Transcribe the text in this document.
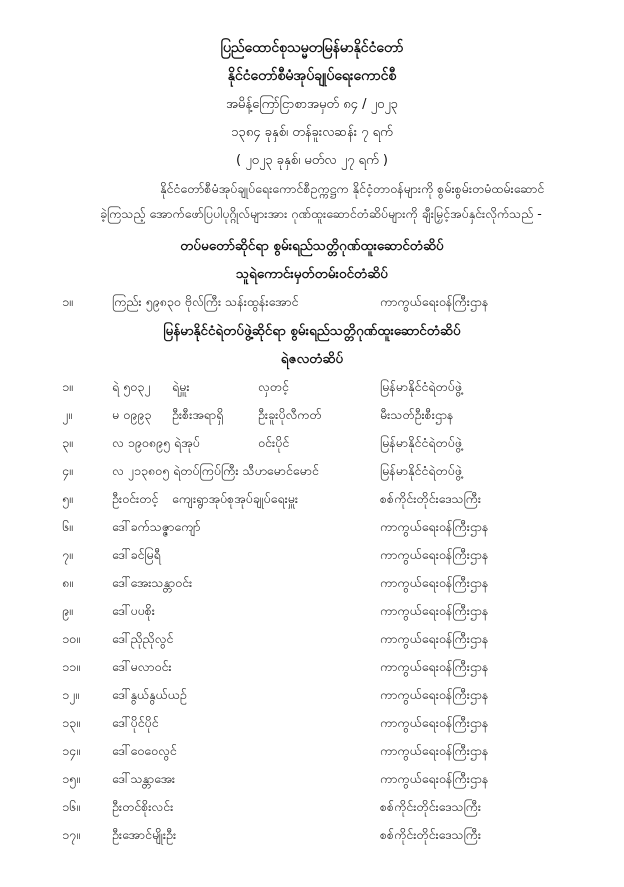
ပြည်ထောင်စုသမ္မတမြန်မာနိုင်ငံတော်
နိုင်ငံတော်စီမံအုပ်ချုပ်ရေးကောင်စီ
အမိန့်ကြော်ငြာစာအမှတ် ၈၄ / ၂၀၂၃
၁၃၈၄ ခုနှစ်၊ တန်ခူးလဆန်း ၇ ရက်
( ၂၀၂၃ ခုနှစ်၊ မတ်လ ၂၇ ရက် )
နိုင်ငံတော်စီမံအုပ်ချုပ်ရေးကောင်စီဥက္ကဋ္ဌက နိုင်ငံ့တာဝန်များကို စွမ်းစွမ်းတမံထမ်းဆောင်
ခဲ့ကြသည့် အောက်ဖော်ပြပါပုဂ္ဂိုလ်များအား ဂုဏ်ထူးဆောင်တံဆိပ်များကို ချီးမြှင့်အပ်နှင်းလိုက်သည် -
တပ်မတော်ဆိုင်ရာ စွမ်းရည်သတ္တိဂုဏ်ထူးဆောင်တံဆိပ်
သူရဲကောင်းမှတ်တမ်းဝင်တံဆိပ်
၁။	ကြည်း ၅၉၈၃၀ ဗိုလ်ကြီး သန်းထွန်းအောင်	ကာကွယ်ရေးဝန်ကြီးဌာန
မြန်မာနိုင်ငံရဲတပ်ဖွဲ့ဆိုင်ရာ စွမ်းရည်သတ္တိဂုဏ်ထူးဆောင်တံဆိပ်
ရဲဇလတံဆိပ်
၁။	ရဲ ၅၀၃၂ ရဲမှူး	လှတင့်	မြန်မာနိုင်ငံရဲတပ်ဖွဲ့
၂။	မ ၀၉၉၃ ဦးစီးအရာရှိ	ဦးခူးပိုလီကတ်	မီးသတ်ဦးစီးဌာန
၃။	လ ၁၉၀၈၉၅ ရဲအုပ်	ဝင်းပိုင်	မြန်မာနိုင်ငံရဲတပ်ဖွဲ့
၄။	လ ၂၁၃၈၀၅ ရဲတပ်ကြပ်ကြီး သီဟမောင်မောင်	မြန်မာနိုင်ငံရဲတပ်ဖွဲ့
၅။	ဦးဝင်းတင့် ကျေးရွာအုပ်စုအုပ်ချုပ်ရေးမှူး	စစ်ကိုင်းတိုင်းဒေသကြီး
၆။	ဒေါ်ခက်သဇ္ဇာကျော်	ကာကွယ်ရေးဝန်ကြီးဌာန
၇။	ဒေါ်ခင်မြရီ	ကာကွယ်ရေးဝန်ကြီးဌာန
၈။	ဒေါ်အေးသန္တာဝင်း	ကာကွယ်ရေးဝန်ကြီးဌာန
၉။	ဒေါ်ပပစိုး	ကာကွယ်ရေးဝန်ကြီးဌာန
၁၀။	ဒေါ်ညိုညိုလွင်	ကာကွယ်ရေးဝန်ကြီးဌာန
၁၁။	ဒေါ်မလာဝင်း	ကာကွယ်ရေးဝန်ကြီးဌာန
၁၂။	ဒေါ်နွယ်နွယ်ယဉ်	ကာကွယ်ရေးဝန်ကြီးဌာန
၁၃။	ဒေါ်ပိုင်ပိုင်	ကာကွယ်ရေးဝန်ကြီးဌာန
၁၄။	ဒေါ်ဝေဝေလွင်	ကာကွယ်ရေးဝန်ကြီးဌာန
၁၅။	ဒေါ်သန္တာအေး	ကာကွယ်ရေးဝန်ကြီးဌာန
၁၆။	ဦးတင်စိုးလင်း	စစ်ကိုင်းတိုင်းဒေသကြီး
၁၇။	ဦးအောင်မျိုးဦး	စစ်ကိုင်းတိုင်းဒေသကြီး
